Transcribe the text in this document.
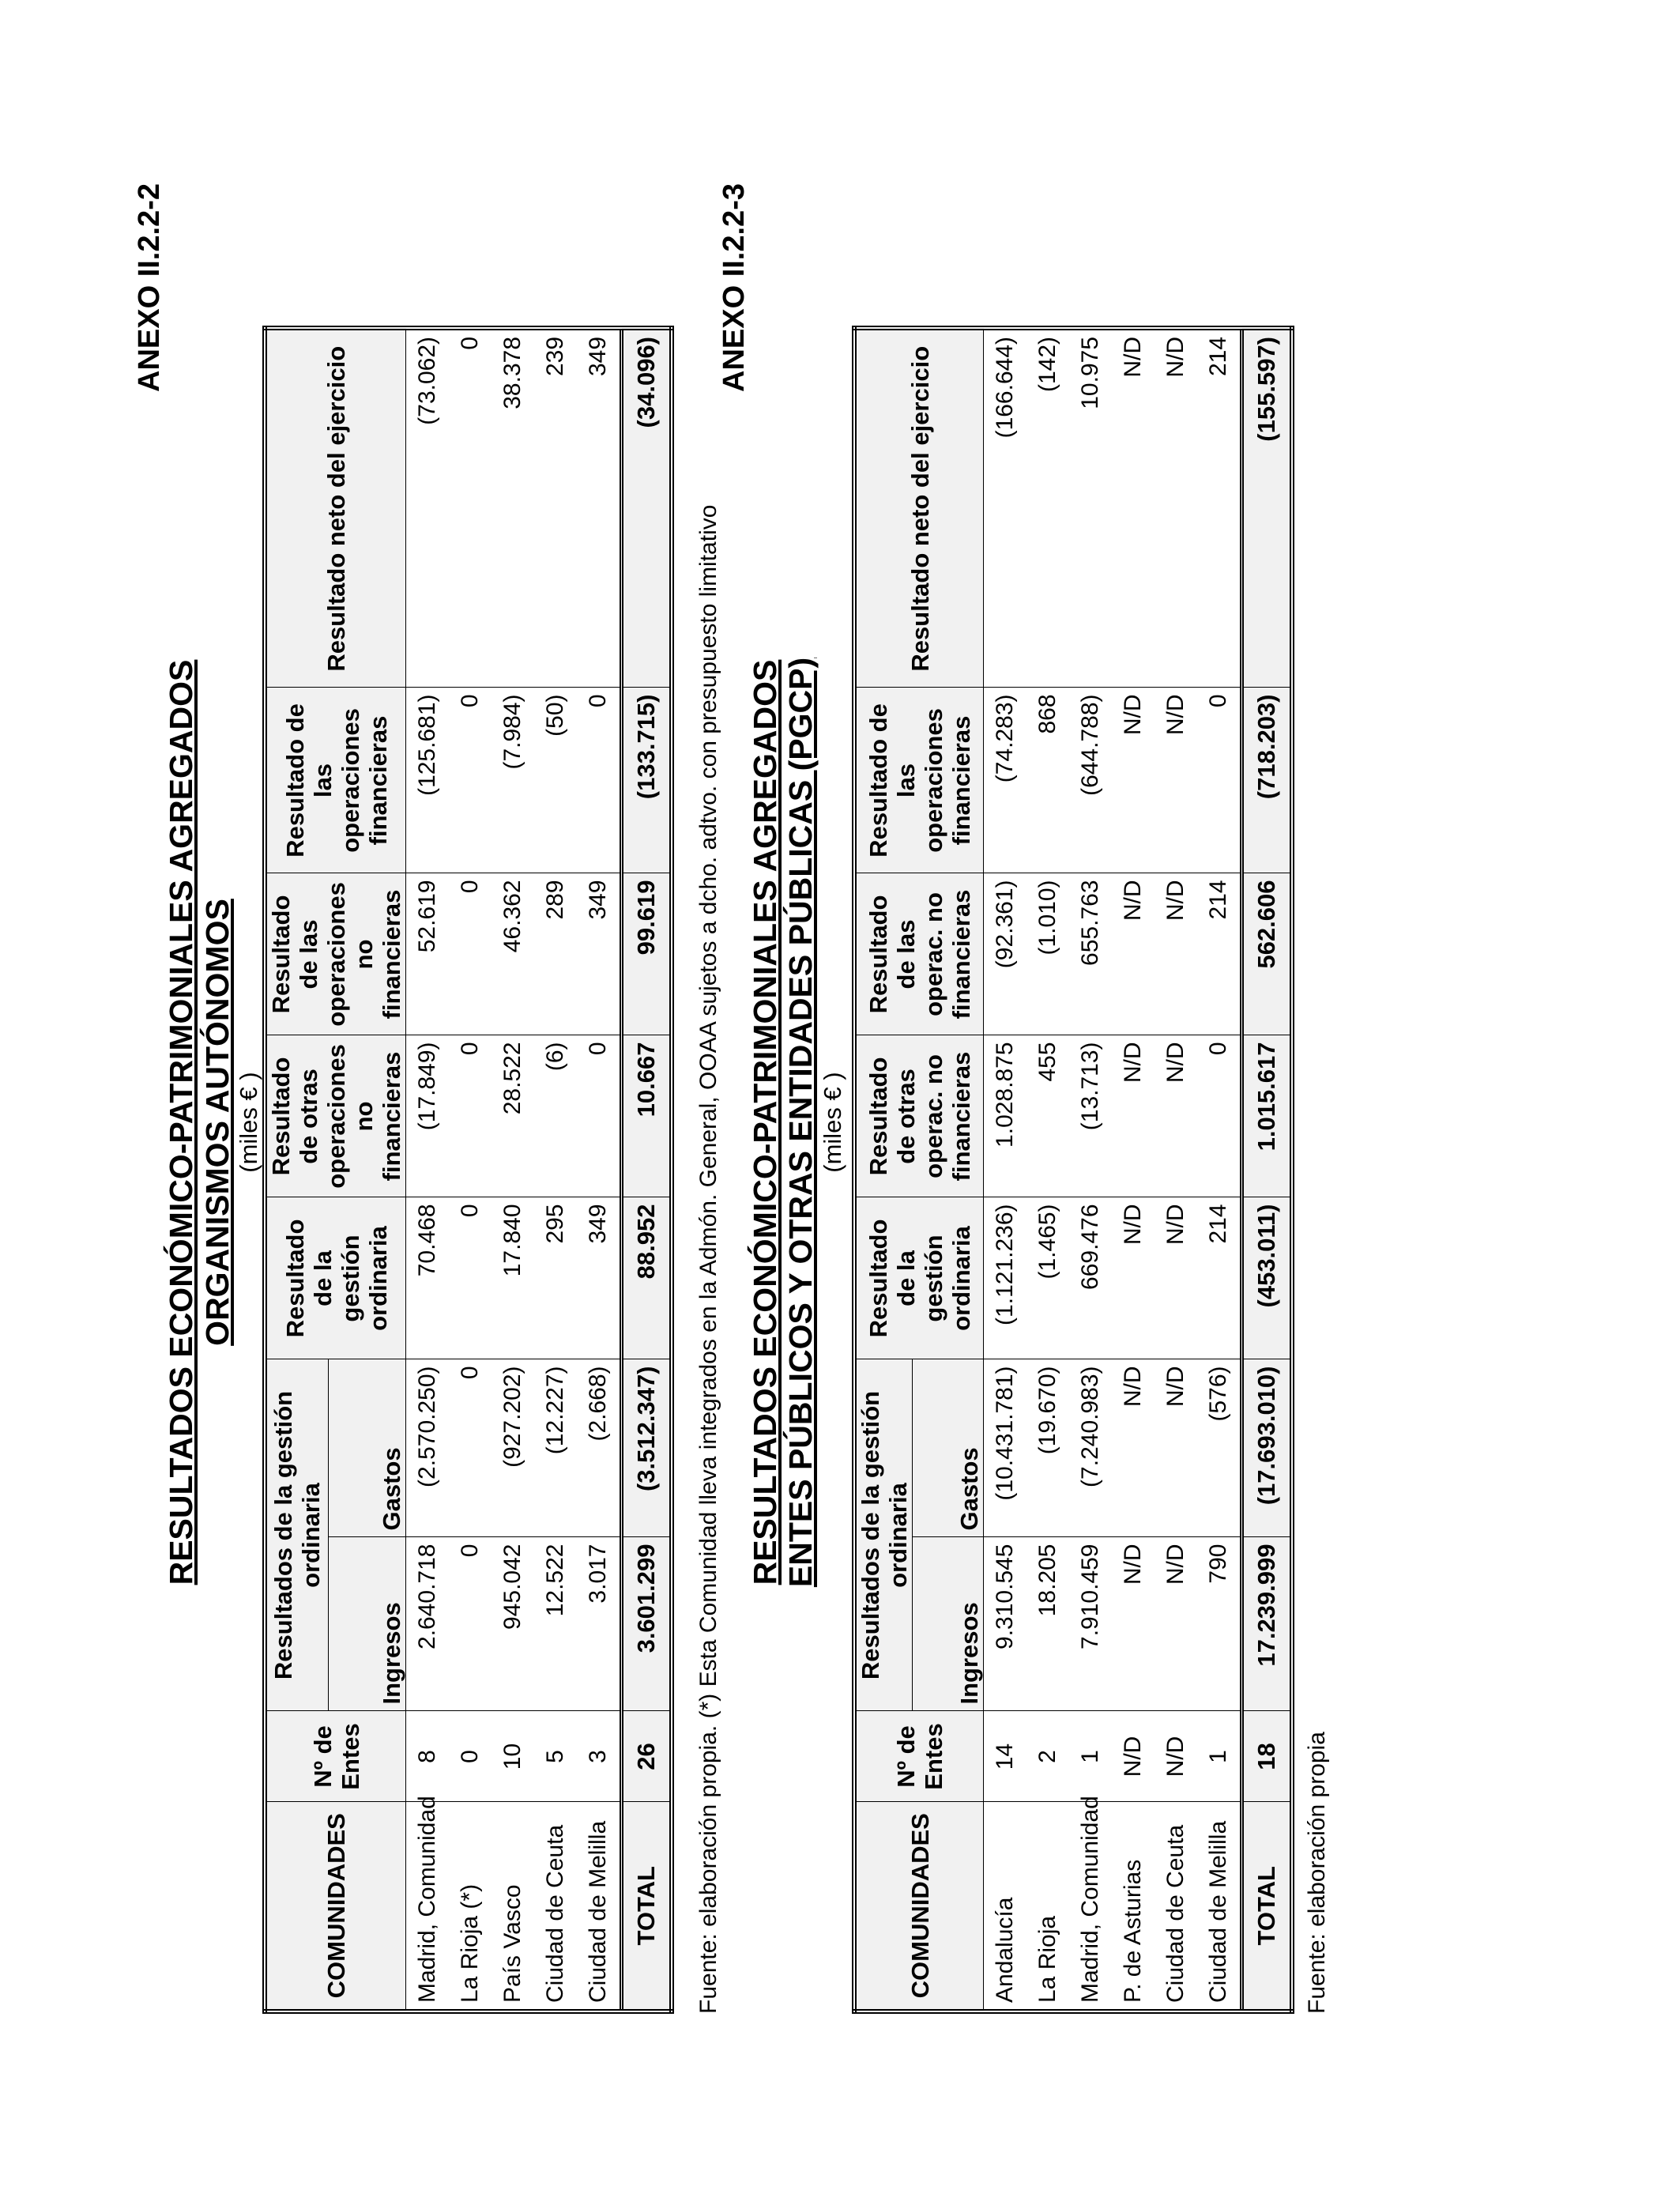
ANEXO II.2.2-2
RESULTADOS ECONÓMICO-PATRIMONIALES AGREGADOS ORGANISMOS AUTÓNOMOS (miles € )
COMUNIDADES	Nº de Entes	Resultados de la gestión ordinaria		Resultado de la gestión ordinaria	Resultado de otras operaciones no financieras	Resultado de las operaciones no financieras	Resultado de las operaciones financieras	Resultado neto del ejercicio
		Ingresos	Gastos					
Madrid, Comunidad	8	2.640.718	(2.570.250)	70.468	(17.849)	52.619	(125.681)	(73.062)
La Rioja (*)	0	0	0	0	0	0	0	0
País Vasco	10	945.042	(927.202)	17.840	28.522	46.362	(7.984)	38.378
Ciudad de Ceuta	5	12.522	(12.227)	295	(6)	289	(50)	239
Ciudad de Melilla	3	3.017	(2.668)	349	0	349	0	349
TOTAL	26	3.601.299	(3.512.347)	88.952	10.667	99.619	(133.715)	(34.096)
Fuente: elaboración propia. (*) Esta Comunidad lleva integrados en la Admón. General, OOAA sujetos a dcho. adtvo. con presupuesto limitativo
ANEXO II.2.2-3
RESULTADOS ECONÓMICO-PATRIMONIALES AGREGADOS ENTES PÚBLICOS Y OTRAS ENTIDADES PÚBLICAS (PGCP) (miles € )
COMUNIDADES	Nº de Entes	Resultados de la gestión ordinaria		Resultado de la gestión ordinaria	Resultado de otras operac. no financieras	Resultado de las operac. no financieras	Resultado de las operaciones financieras	Resultado neto del ejercicio
		Ingresos	Gastos					
Andalucía	14	9.310.545	(10.431.781)	(1.121.236)	1.028.875	(92.361)	(74.283)	(166.644)
La Rioja	2	18.205	(19.670)	(1.465)	455	(1.010)	868	(142)
Madrid, Comunidad	1	7.910.459	(7.240.983)	669.476	(13.713)	655.763	(644.788)	10.975
P. de Asturias	N/D	N/D	N/D	N/D	N/D	N/D	N/D	N/D
Ciudad de Ceuta	N/D	N/D	N/D	N/D	N/D	N/D	N/D	N/D
Ciudad de Melilla	1	790	(576)	214	0	214	0	214
TOTAL	18	17.239.999	(17.693.010)	(453.011)	1.015.617	562.606	(718.203)	(155.597)
Fuente: elaboración propia
